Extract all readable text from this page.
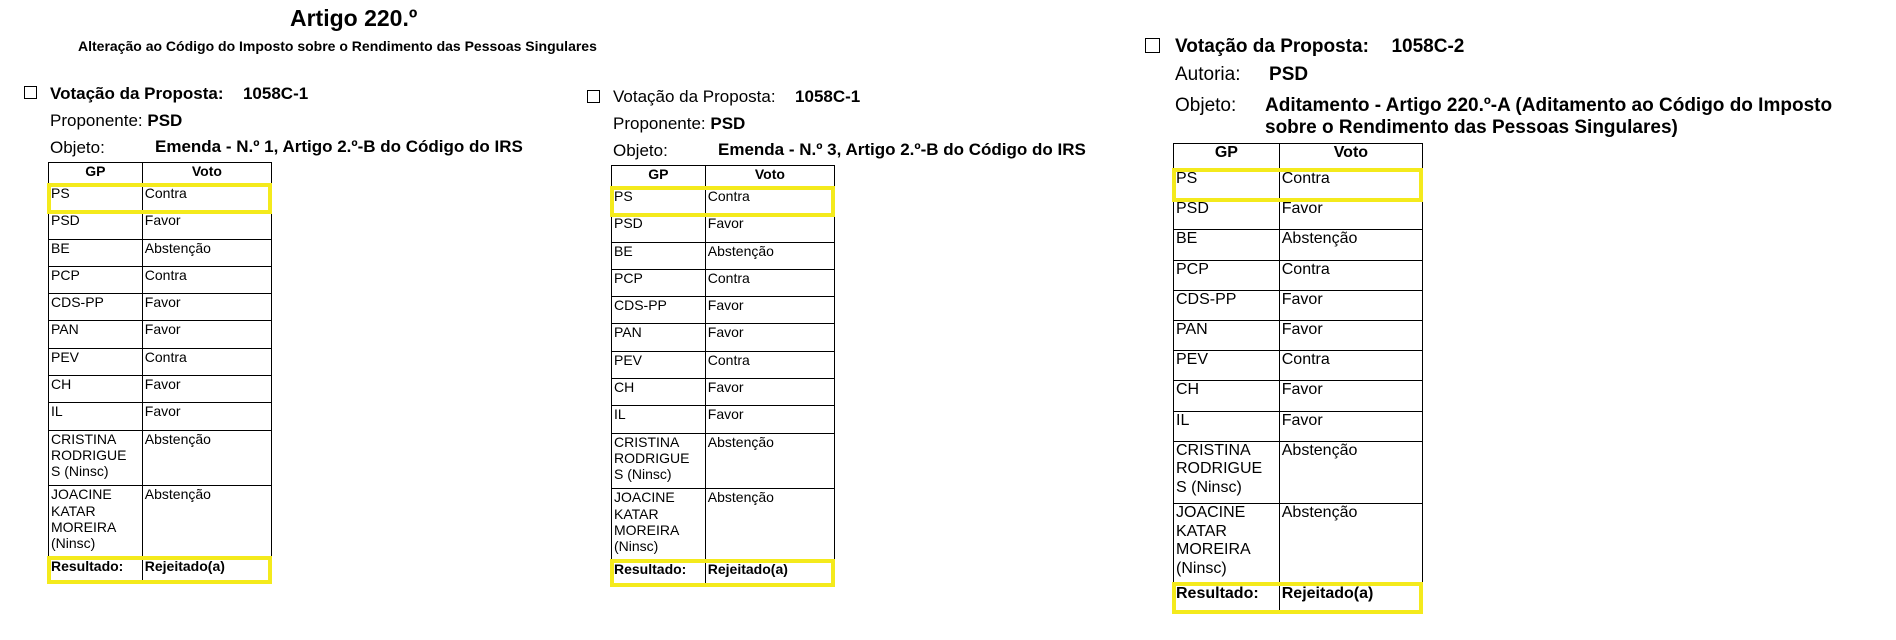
Artigo 220.º
Alteração ao Código do Imposto sobre o Rendimento das Pessoas Singulares
Votação da Proposta: 1058C-1
Proponente: PSD
Objeto:	Emenda - N.º 1, Artigo 2.º-B do Código do IRS
GP	Voto
PS	Contra
PSD	Favor
BE	Abstenção
PCP	Contra
CDS-PP	Favor
PAN	Favor
PEV	Contra
CH	Favor
IL	Favor

CRISTINA
RODRIGUE
S (Ninsc)	Abstenção

JOACINE
KATAR
MOREIRA
(Ninsc)	Abstenção
Resultado:	Rejeitado(a)
Votação da Proposta: 1058C-1
Proponente: PSD
Objeto:	Emenda - N.º 3, Artigo 2.º-B do Código do IRS
GP	Voto
PS	Contra
PSD	Favor
BE	Abstenção
PCP	Contra
CDS-PP	Favor
PAN	Favor
PEV	Contra
CH	Favor
IL	Favor

CRISTINA
RODRIGUE
S (Ninsc)	Abstenção

JOACINE
KATAR
MOREIRA
(Ninsc)	Abstenção
Resultado:	Rejeitado(a)
Votação da Proposta: 1058C-2
Autoria: PSD
Objeto: Aditamento - Artigo 220.º-A (Aditamento ao Código do Imposto sobre o Rendimento das Pessoas Singulares)
GP	Voto
PS	Contra
PSD	Favor
BE	Abstenção
PCP	Contra
CDS-PP	Favor
PAN	Favor
PEV	Contra
CH	Favor
IL	Favor

CRISTINA
RODRIGUE
S (Ninsc)	Abstenção

JOACINE
KATAR
MOREIRA
(Ninsc)	Abstenção
Resultado:	Rejeitado(a)
